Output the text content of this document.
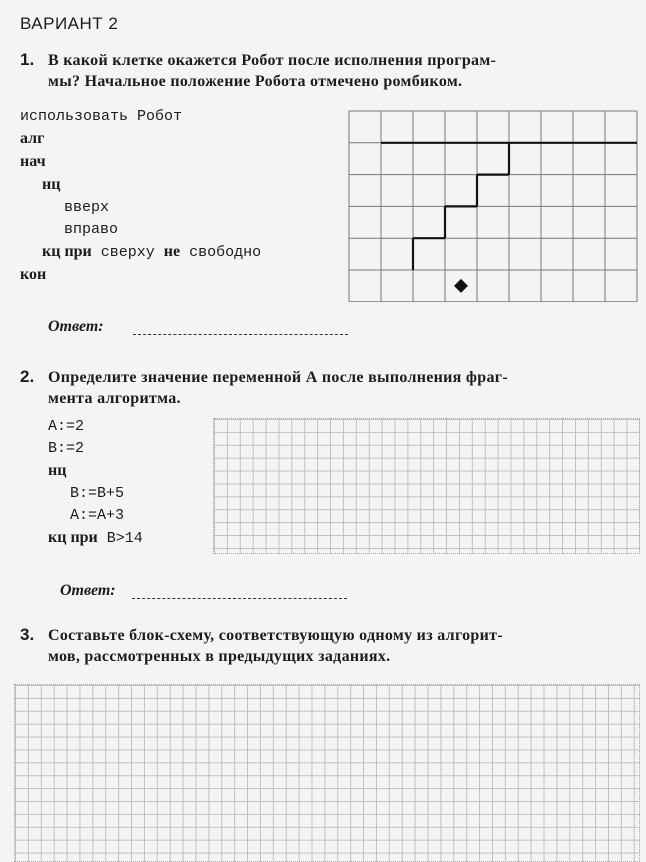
ВАРИАНТ 2
1. В какой клетке окажется Робот после исполнения програм-
мы? Начальное положение Робота отмечено ромбиком.
использовать Робот
алг
нач
нц
вверх
вправо
кц при сверху не свободно
кон
Ответ:
2. Определите значение переменной А после выполнения фраг-
мента алгоритма.
A:=2
B:=2
нц
B:=B+5
A:=A+3
кц при B>14
Ответ:
3. Составьте блок-схему, соответствующую одному из алгорит-
мов, рассмотренных в предыдущих заданиях.
